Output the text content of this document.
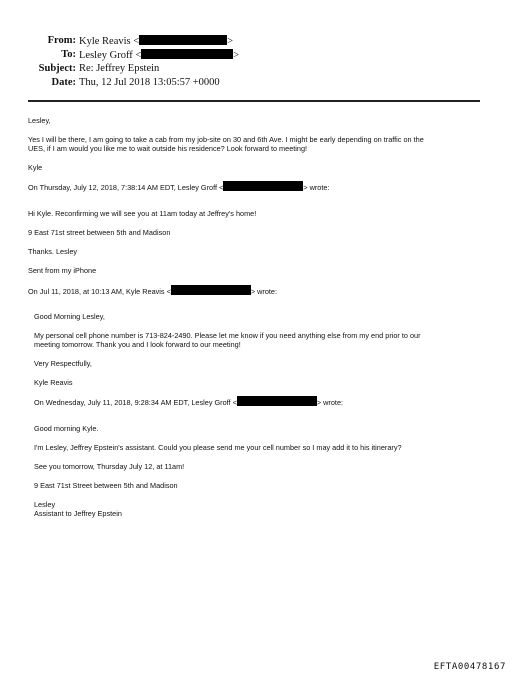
From: Kyle Reavis <	>
To: Lesley Groff <	>
Subject: Re: Jeffrey Epstein
Date: Thu, 12 Jul 2018 13:05:57 +0000
Lesley,
Yes I will be there, I am going to take a cab from my job-site on 30 and 6th Ave. I might be early depending on traffic on the
UES, if I am would you like me to wait outside his residence? Look forward to meeting!
Kyle
On Thursday, July 12, 2018, 7:38:14 AM EDT, Lesley Groff <	> wrote:
Hi Kyle. Reconfirming we will see you at 11am today at Jeffrey's home!
9 East 71st street between 5th and Madison
Thanks. Lesley
Sent from my iPhone
On Jul 11, 2018, at 10:13 AM, Kyle Reavis <	> wrote:
Good Morning Lesley,
My personal cell phone number is 713-824-2490. Please let me know if you need anything else from my end prior to our
meeting tomorrow. Thank you and I look forward to our meeting!
Very Respectfully,
Kyle Reavis
On Wednesday, July 11, 2018, 9:28:34 AM EDT, Lesley Groff <	> wrote:
Good morning Kyle.
I'm Lesley, Jeffrey Epstein's assistant. Could you please send me your cell number so I may add it to his itinerary?
See you tomorrow, Thursday July 12, at 11am!
9 East 71st Street between 5th and Madison
Lesley
Assistant to Jeffrey Epstein
EFTA00478167
